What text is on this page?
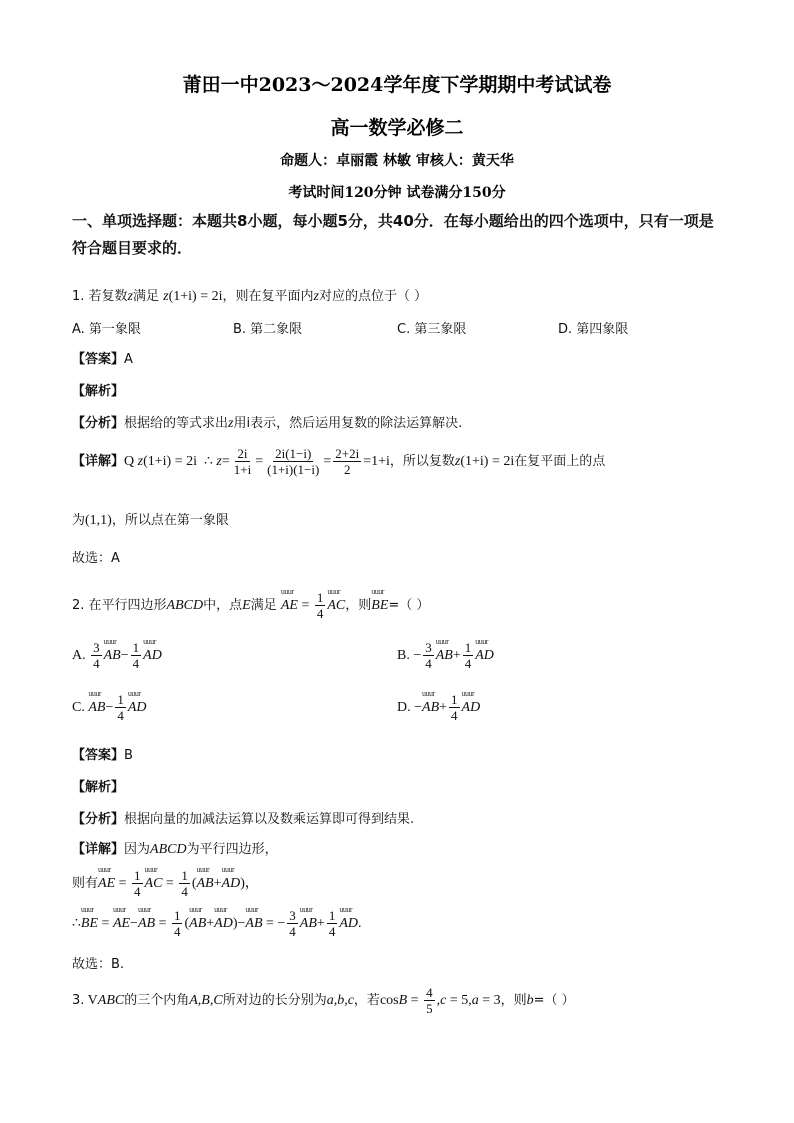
莆田一中2023～2024学年度下学期期中考试试卷
高一数学必修二
命题人：卓丽霞 林敏 审核人：黄天华
考试时间120分钟 试卷满分150分
一、单项选择题：本题共8小题，每小题5分，共40分．在每小题给出的四个选项中，只有一项是符合题目要求的．
1. 若复数z满足 z(1+i) = 2i，则在复平面内z对应的点位于（ ）
A. 第一象限	B. 第二象限	C. 第三象限	D. 第四象限
【答案】A
【解析】
【分析】根据给的等式求出z用i表示，然后运用复数的除法运算解决.
【详解】Q z(1+i) = 2i  ∴ $z= \frac{2i}{1+i} = \frac{2i(1-i)}{(1+i)(1-i)} = \frac{2+2i}{2} =1+i$，所以复数z(1+i) = 2i在复平面上的点
为(1,1)，所以点在第一象限
故选：A
2. 在平行四边形ABCD中，点E满足 uuur AE = $\frac{1}{4}$ uuur AC，则uuur BE=（ ）
A. $\frac{3}{4}$ uuur $AB- \frac{1}{4}$ uuur AD	B. − $\frac{3}{4}$ uuur $AB+ \frac{1}{4}$ uuur AD
C. uuur $AB- \frac{1}{4}$ uuur AD	D. −uuur $AB+ \frac{1}{4}$ uuur AD
【答案】B
【解析】
【分析】根据向量的加减法运算以及数乘运算即可得到结果.
【详解】因为ABCD为平行四边形，
则有uuur AE = $\frac{1}{4}$ uuur AC = $\frac{1}{4}$ (uuur AB+uuur AD)，
∴uuur BE = uuur AE−uuur AB = $\frac{1}{4}$ (uuur AB+uuur AD)−uuur AB = − $\frac{3}{4}$ uuur $AB+ \frac{1}{4}$ uuur AD.
故选：B.
3. VABC的三个内角A,B,C所对边的长分别为a,b,c，若$\cos B = \frac{4}{5} ,c = 5,a = 3$，则b=（ ）
